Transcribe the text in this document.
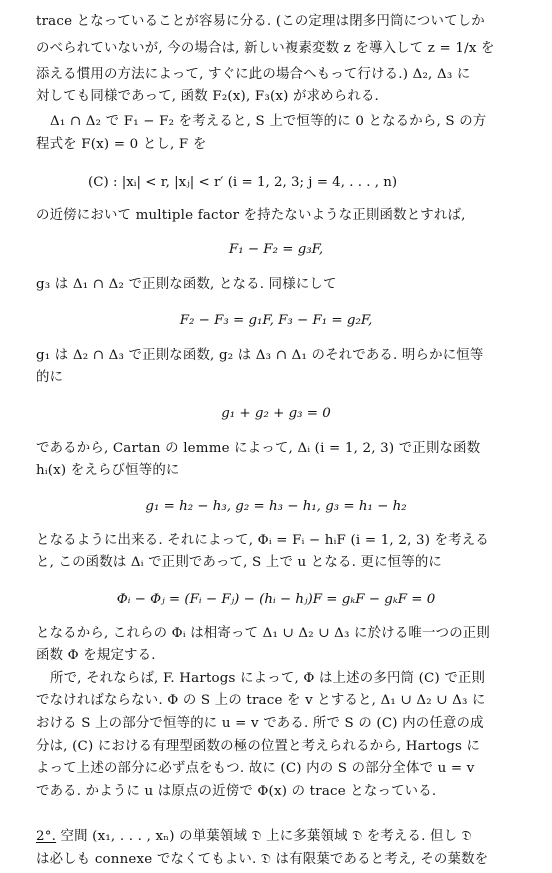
trace となっていることが容易に分る. (この定理は閉多円筒についてしか
のべられていないが, 今の場合は, 新しい複素変数 z を導入して z = 1/x を
添える慣用の方法によって, すぐに此の場合へもって行ける.) Δ₂, Δ₃ に
対しても同様であって, 函数 F₂(x), F₃(x) が求められる.
Δ₁ ∩ Δ₂ で F₁ − F₂ を考えると, S 上で恒等的に 0 となるから, S の方
程式を F(x) = 0 とし, F を
(C) : |xᵢ| < r, |xⱼ| < r′ (i = 1, 2, 3; j = 4, . . . , n)
の近傍において multiple factor を持たないような正則函数とすれば,
F₁ − F₂ = g₃F,
g₃ は Δ₁ ∩ Δ₂ で正則な函数, となる. 同様にして
F₂ − F₃ = g₁F, F₃ − F₁ = g₂F,
g₁ は Δ₂ ∩ Δ₃ で正則な函数, g₂ は Δ₃ ∩ Δ₁ のそれである. 明らかに恒等
的に
g₁ + g₂ + g₃ = 0
であるから, Cartan の lemme によって, Δᵢ (i = 1, 2, 3) で正則な函数
hᵢ(x) をえらび恒等的に
g₁ = h₂ − h₃, g₂ = h₃ − h₁, g₃ = h₁ − h₂
となるように出来る. それによって, Φᵢ = Fᵢ − hᵢF (i = 1, 2, 3) を考える
と, この函数は Δᵢ で正則であって, S 上で u となる. 更に恒等的に
Φᵢ − Φⱼ = (Fᵢ − Fⱼ) − (hᵢ − hⱼ)F = gₖF − gₖF = 0
となるから, これらの Φᵢ は相寄って Δ₁ ∪ Δ₂ ∪ Δ₃ に於ける唯一つの正則
函数 Φ を規定する.
所で, それならば, F. Hartogs によって, Φ は上述の多円筒 (C) で正則
でなければならない. Φ の S 上の trace を v とすると, Δ₁ ∪ Δ₂ ∪ Δ₃ に
おける S 上の部分で恒等的に u = v である. 所で S の (C) 内の任意の成
分は, (C) における有理型函数の極の位置と考えられるから, Hartogs に
よって上述の部分に必ず点をもつ. 故に (C) 内の S の部分全体で u = v
である. かように u は原点の近傍で Φ(x) の trace となっている.
2°. 空間 (x₁, . . . , xₙ) の単葉領域 𝔇 上に多葉領域 𝔇 を考える. 但し 𝔇
は必しも connexe でなくてもよい. 𝔇 は有限葉であると考え, その葉数を
